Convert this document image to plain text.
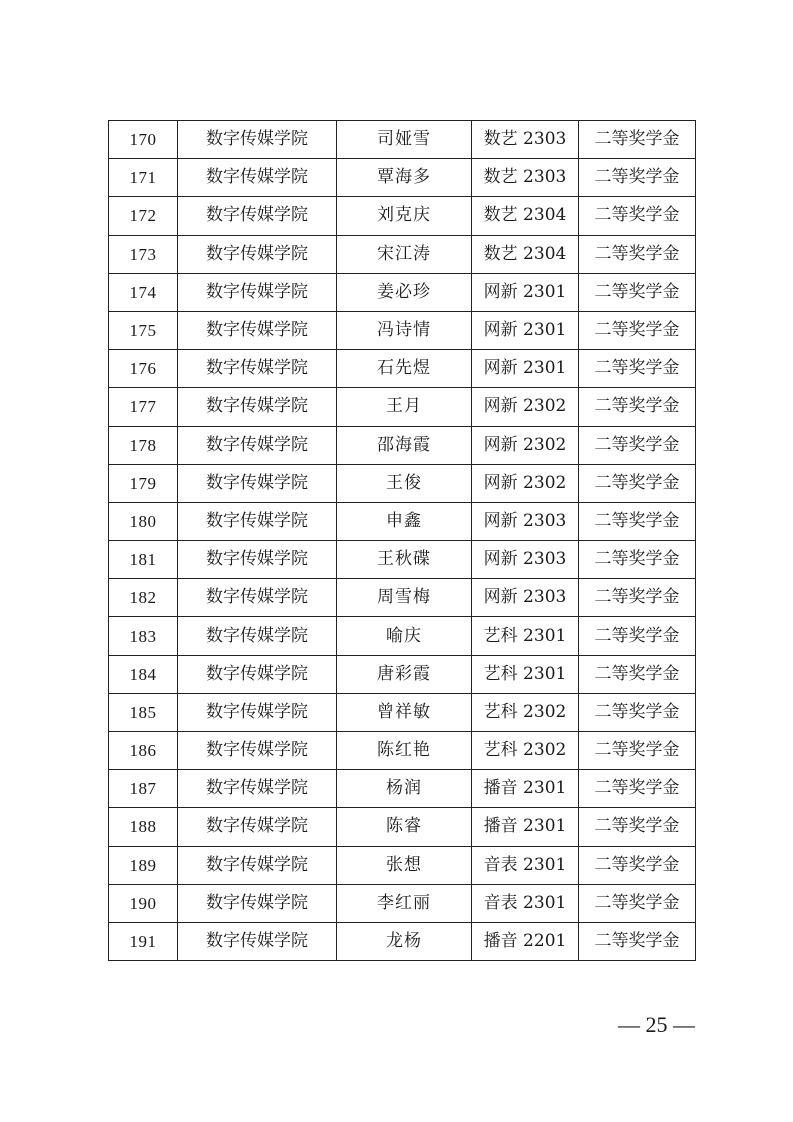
170	数字传媒学院	司娅雪	数艺 2303	二等奖学金
171	数字传媒学院	覃海多	数艺 2303	二等奖学金
172	数字传媒学院	刘克庆	数艺 2304	二等奖学金
173	数字传媒学院	宋江涛	数艺 2304	二等奖学金
174	数字传媒学院	姜必珍	网新 2301	二等奖学金
175	数字传媒学院	冯诗情	网新 2301	二等奖学金
176	数字传媒学院	石先煜	网新 2301	二等奖学金
177	数字传媒学院	王月	网新 2302	二等奖学金
178	数字传媒学院	邵海霞	网新 2302	二等奖学金
179	数字传媒学院	王俊	网新 2302	二等奖学金
180	数字传媒学院	申鑫	网新 2303	二等奖学金
181	数字传媒学院	王秋碟	网新 2303	二等奖学金
182	数字传媒学院	周雪梅	网新 2303	二等奖学金
183	数字传媒学院	喻庆	艺科 2301	二等奖学金
184	数字传媒学院	唐彩霞	艺科 2301	二等奖学金
185	数字传媒学院	曾祥敏	艺科 2302	二等奖学金
186	数字传媒学院	陈红艳	艺科 2302	二等奖学金
187	数字传媒学院	杨润	播音 2301	二等奖学金
188	数字传媒学院	陈睿	播音 2301	二等奖学金
189	数字传媒学院	张想	音表 2301	二等奖学金
190	数字传媒学院	李红丽	音表 2301	二等奖学金
191	数字传媒学院	龙杨	播音 2201	二等奖学金
— 25 —
